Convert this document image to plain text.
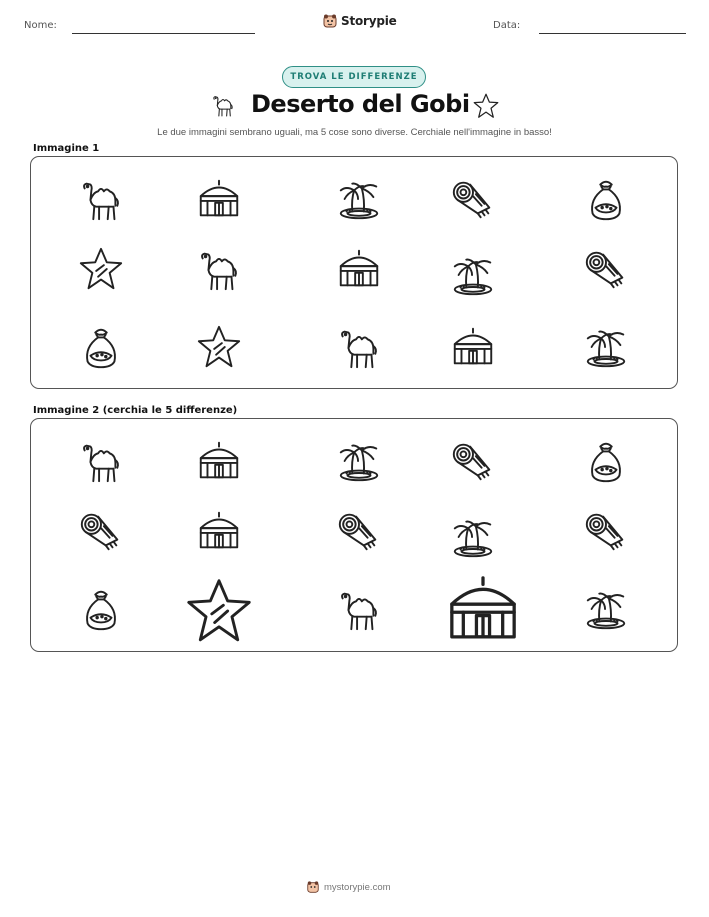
Nome:	Storypie	Data:
TROVA LE DIFFERENZE
Deserto del Gobi
Le due immagini sembrano uguali, ma 5 cose sono diverse. Cerchiale nell'immagine in basso!
Immagine 1
Immagine 2 (cerchia le 5 differenze)
mystorypie.com
